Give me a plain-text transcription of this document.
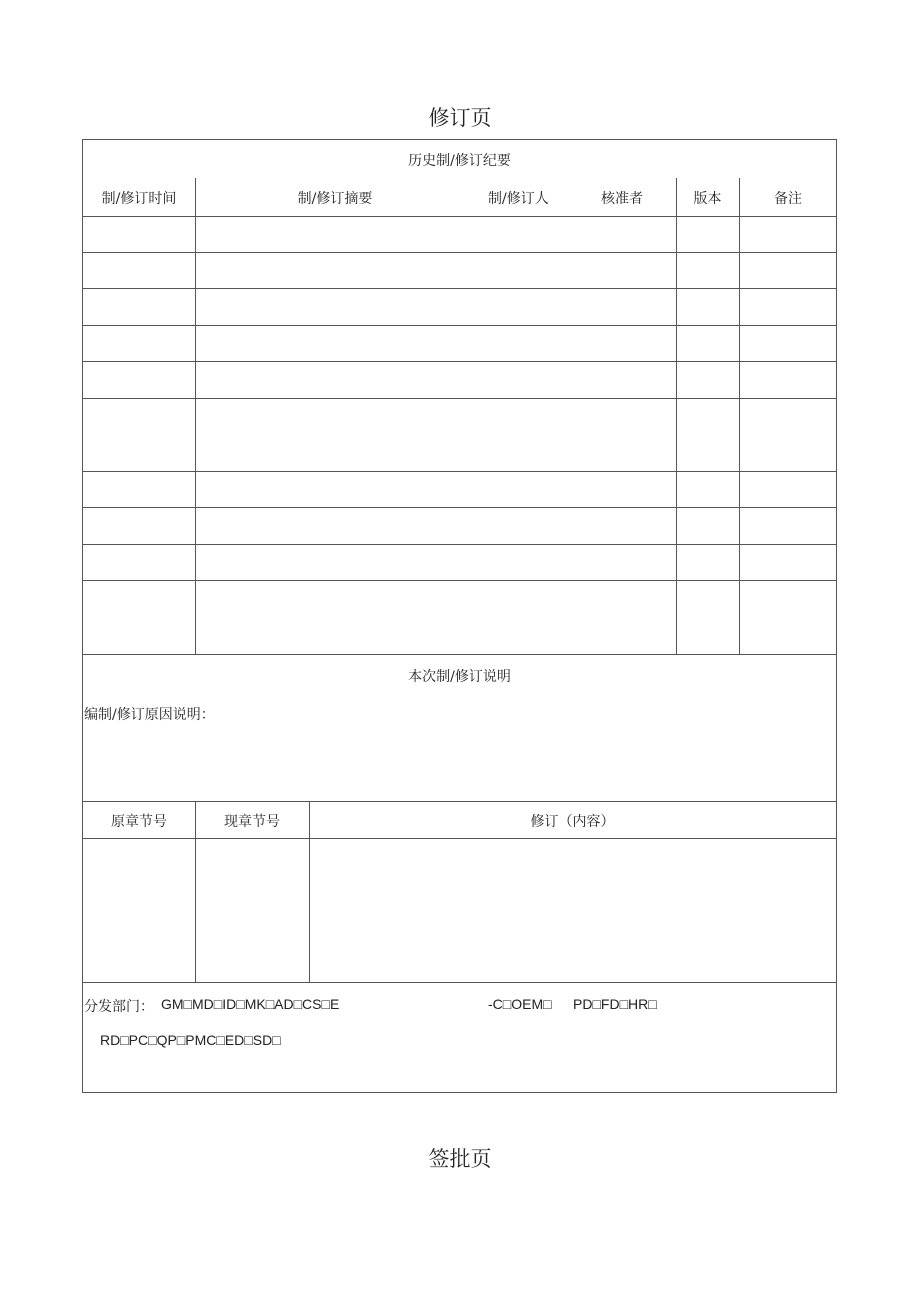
修订页
历史制/修订纪要
制/修订时间	制/修订摘要	制/修订人	核准者	版本	备注
本次制/修订说明
编制/修订原因说明：
原章节号	现章节号	修订（内容）
分发部门： GM□MD□ID□MK□AD□CS□E	-C□OEM□ PD□FD□HR□
RD□PC□QP□PMC□ED□SD□
签批页
